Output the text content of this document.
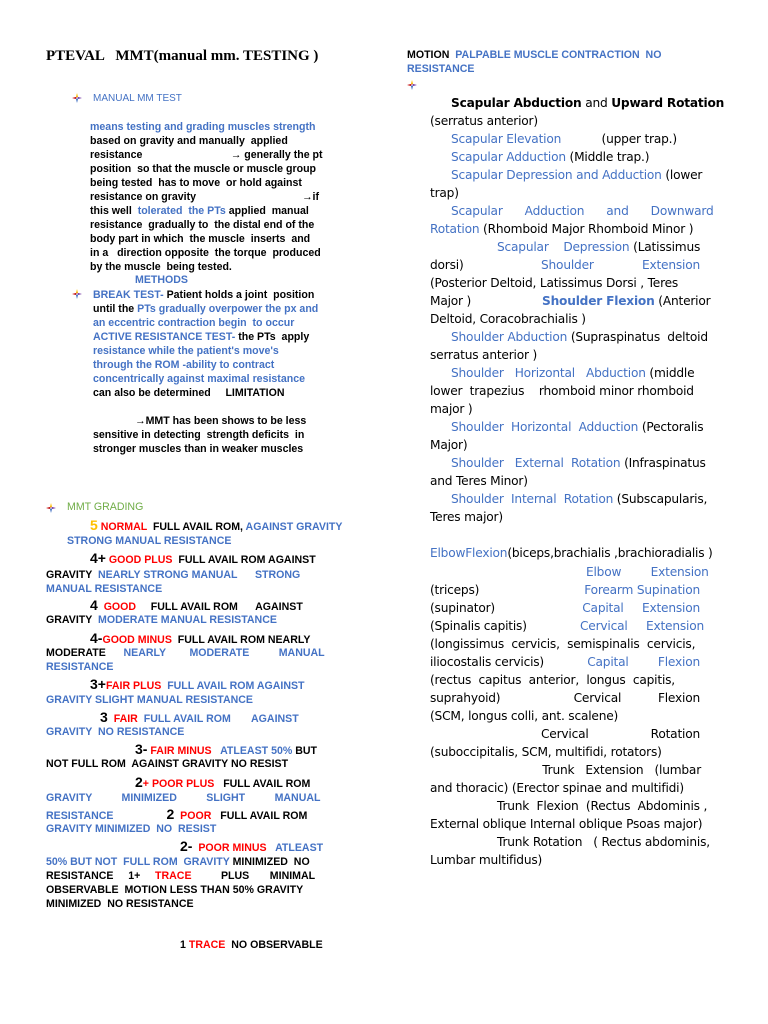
PTEVAL   MMT(manual mm. TESTING )
MANUAL MM TEST
means testing and grading muscles strength
based on gravity and manually  applied
resistance                              → generally the pt
position  so that the muscle or muscle group
being tested  has to move  or hold against
resistance on gravity                                    →if
this well  tolerated  the PTs applied  manual
resistance  gradually to  the distal end of the
body part in which  the muscle  inserts  and
in a   direction opposite  the torque  produced
by the muscle  being tested.
METHODS
BREAK TEST- Patient holds a joint  position
until the PTs gradually overpower the px and
an eccentric contraction begin  to occur
ACTIVE RESISTANCE TEST- the PTs  apply
resistance while the patient's move's
through the ROM -ability to contract
concentrically against maximal resistance
can also be determined     LIMITATION
→MMT has been shows to be less
sensitive in detecting  strength deficits  in
stronger muscles than in weaker muscles
MMT GRADING
5 NORMAL FULL AVAIL ROM, AGAINST GRAVITY
STRONG MANUAL RESISTANCE
4+ GOOD PLUS FULL AVAIL ROM AGAINST
GRAVITY NEARLY STRONG MANUAL      STRONG
MANUAL RESISTANCE
4 GOOD FULL AVAIL ROM      AGAINST
GRAVITY MODERATE MANUAL RESISTANCE
4-GOOD MINUS FULL AVAIL ROM NEARLY
MODERATE NEARLY        MODERATE          MANUAL
RESISTANCE
3+FAIR PLUS FULL AVAIL ROM AGAINST
GRAVITY SLIGHT MANUAL RESISTANCE
3 FAIR FULL AVAIL ROM       AGAINST
GRAVITY  NO RESISTANCE
3- FAIR MINUS ATLEAST 50% BUT
NOT FULL ROM  AGAINST GRAVITY NO RESIST
2+ POOR PLUS FULL AVAIL ROM
GRAVITY          MINIMIZED          SLIGHT          MANUAL
RESISTANCE	2 POOR FULL AVAIL ROM
GRAVITY MINIMIZED  NO  RESIST
2- POOR MINUS ATLEAST
50% BUT NOT  FULL ROM  GRAVITY MINIMIZED  NO
RESISTANCE     1+ TRACE	PLUS       MINIMAL
OBSERVABLE  MOTION LESS THAN 50% GRAVITY
MINIMIZED  NO RESISTANCE
1 TRACE NO OBSERVABLE
MOTION PALPABLE MUSCLE CONTRACTION  NO
RESISTANCE
Scapular Abduction and Upward Rotation
(serratus anterior)
Scapular Elevation	(upper trap.)
Scapular Adduction (Middle trap.)
Scapular Depression and Adduction (lower
trap)
Scapular      Adduction      and      Downward
Rotation (Rhomboid Major Rhomboid Minor )
Scapular    Depression (Latissimus
dorsi)	Shoulder	Extension
(Posterior Deltoid, Latissimus Dorsi , Teres
Major )	Shoulder Flexion (Anterior
Deltoid, Coracobrachialis )
Shoulder Abduction (Supraspinatus  deltoid
serratus anterior )
Shoulder   Horizontal   Abduction (middle
lower  trapezius    rhomboid minor rhomboid
major )
Shoulder  Horizontal  Adduction (Pectoralis
Major)
Shoulder   External  Rotation (Infraspinatus
and Teres Minor)
Shoulder  Internal  Rotation (Subscapularis,
Teres major)
ElbowFlexion(biceps,brachialis ,brachioradialis )
Elbow        Extension
(triceps)	Forearm Supination
(supinator)	Capital     Extension
(Spinalis capitis)	Cervical     Extension
(longissimus  cervicis,  semispinalis  cervicis,
iliocostalis cervicis)	Capital        Flexion
(rectus  capitus  anterior,  longus  capitis,
suprahyoid)	Cervical          Flexion
(SCM, longus colli, ant. scalene)
Cervical	Rotation
(suboccipitalis, SCM, multifidi, rotators)
Trunk   Extension   (lumbar
and thoracic) (Erector spinae and multifidi)
Trunk  Flexion  (Rectus  Abdominis ,
External oblique Internal oblique Psoas major)
Trunk Rotation   ( Rectus abdominis,
Lumbar multifidus)
